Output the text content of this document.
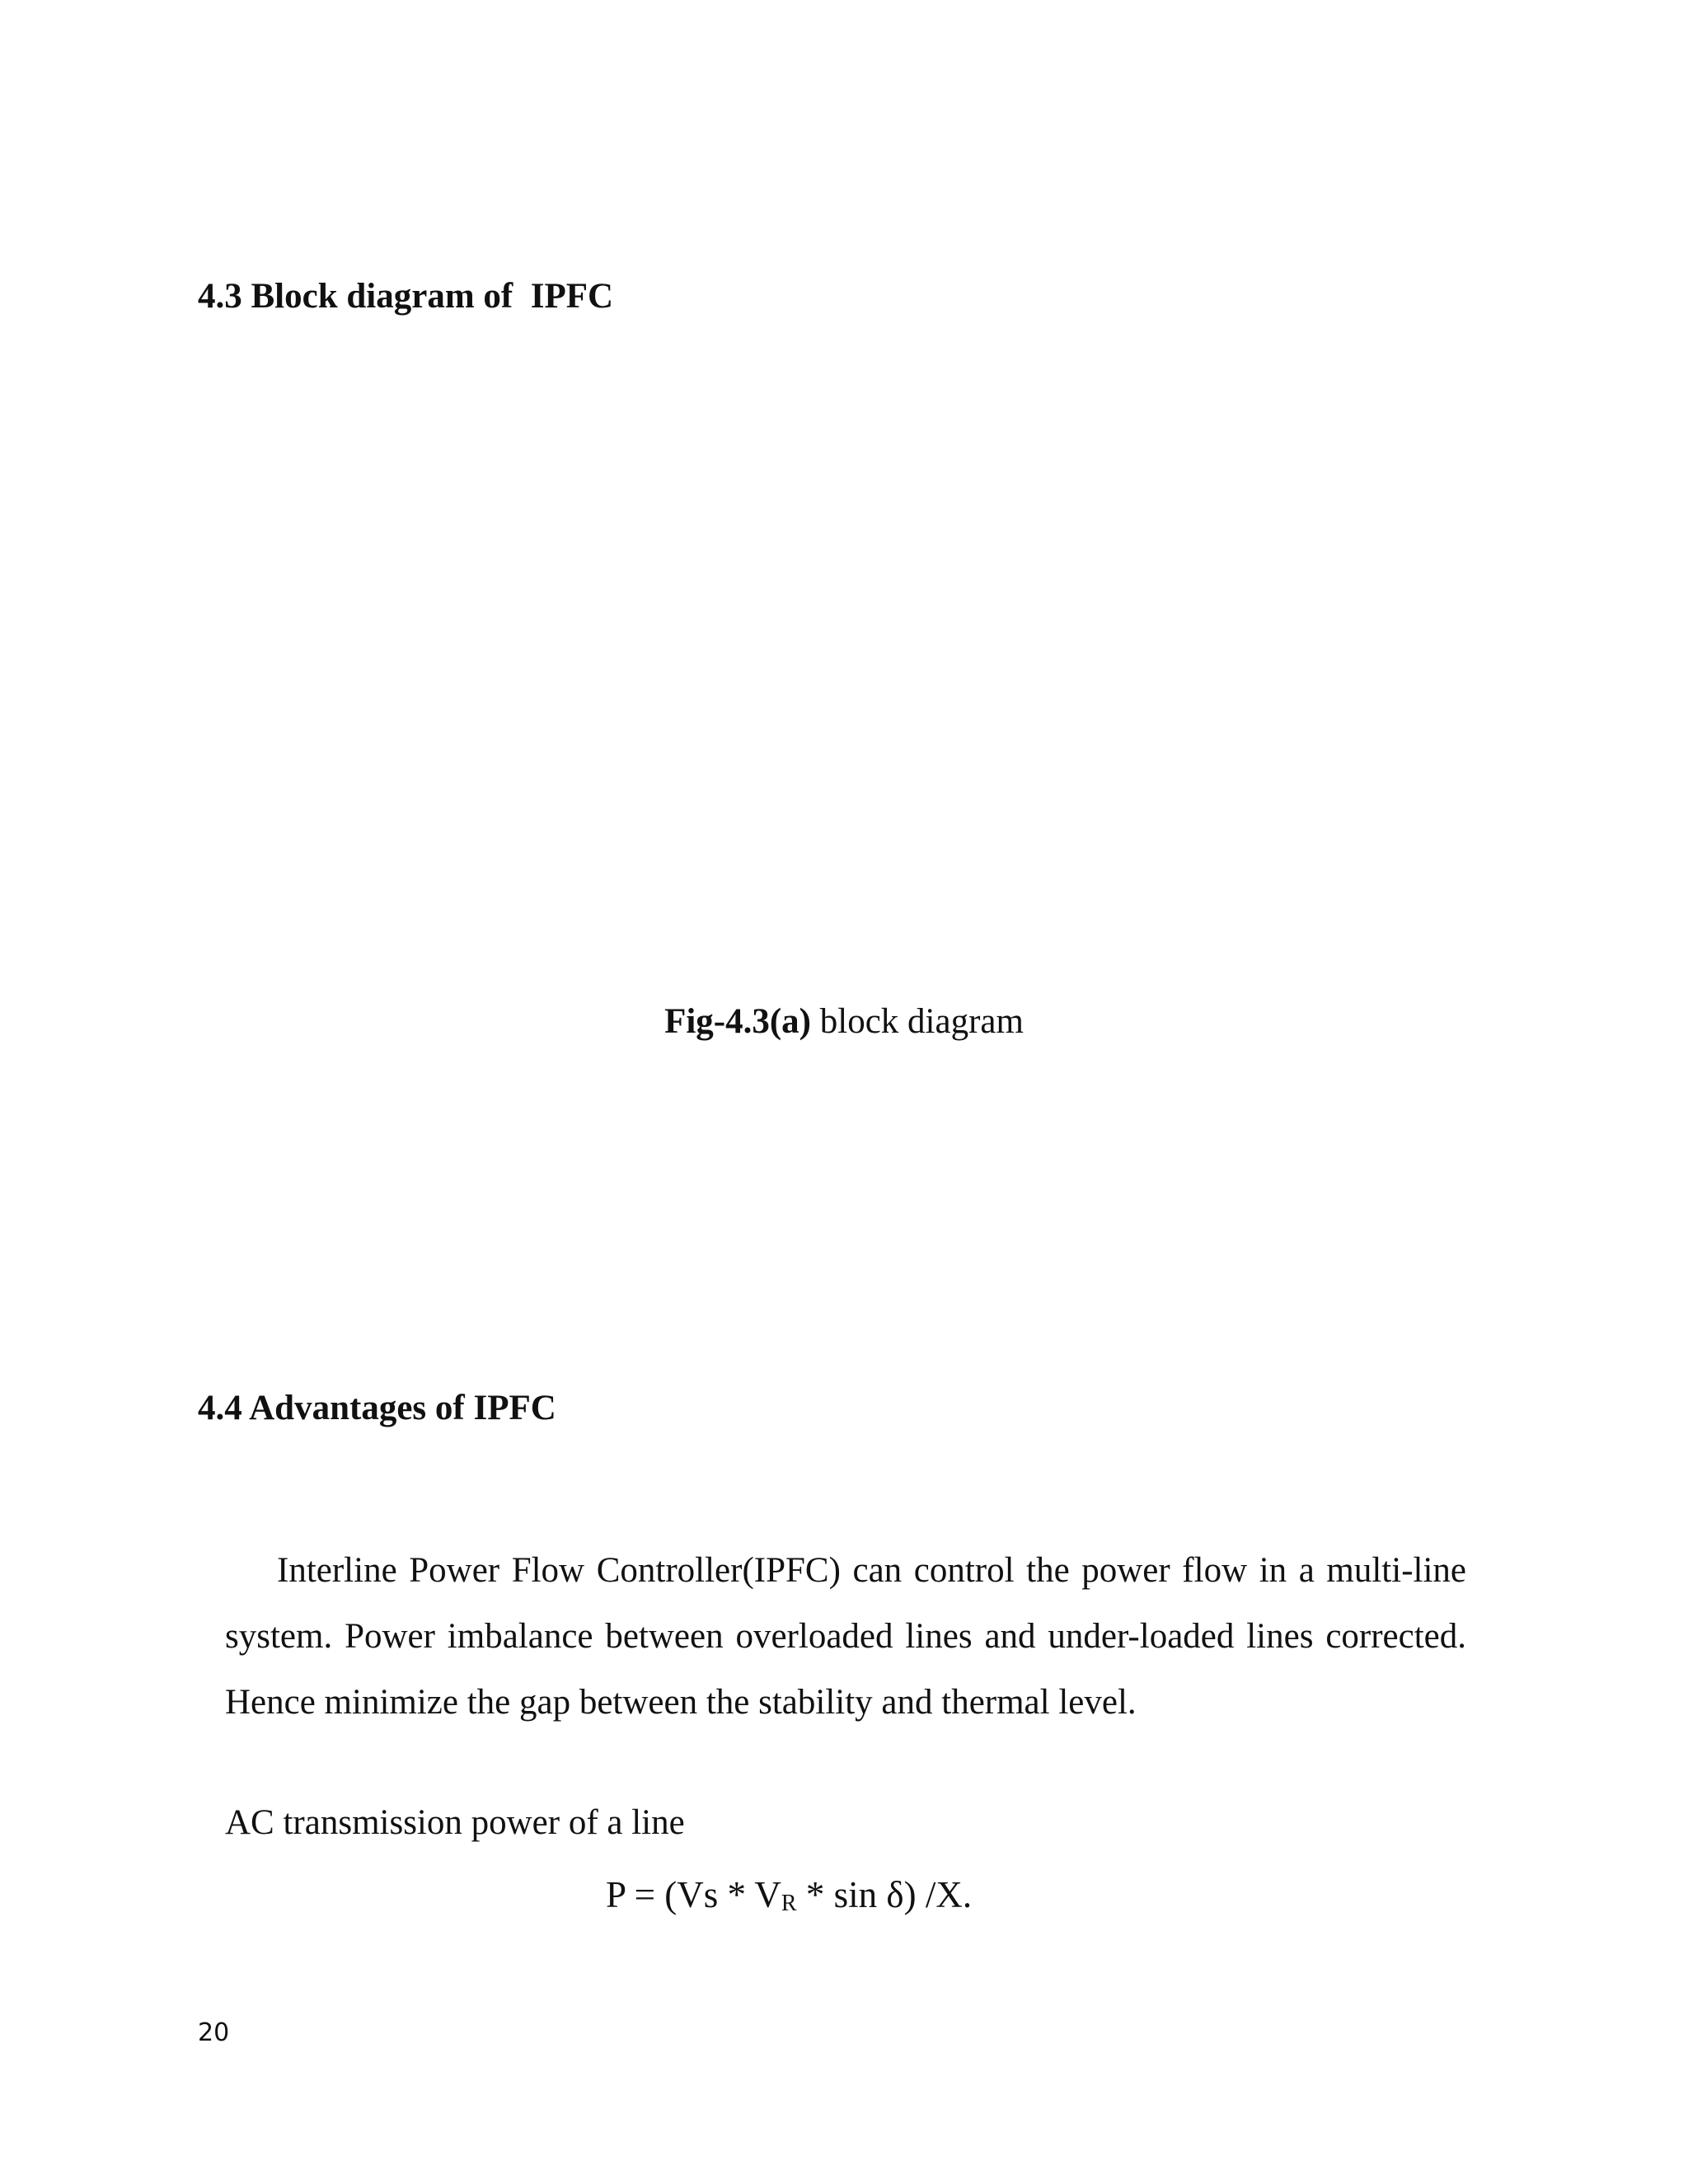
4.3 Block diagram of  IPFC
Fig-4.3(a) block diagram
4.4 Advantages of IPFC
Interline Power Flow Controller(IPFC) can control the power flow in a multi-line system. Power imbalance between overloaded lines and under-loaded lines corrected. Hence minimize the gap between the stability and thermal level.
AC transmission power of a line
$P = (Vs * V_R * \sin \delta)$ /X.
20
